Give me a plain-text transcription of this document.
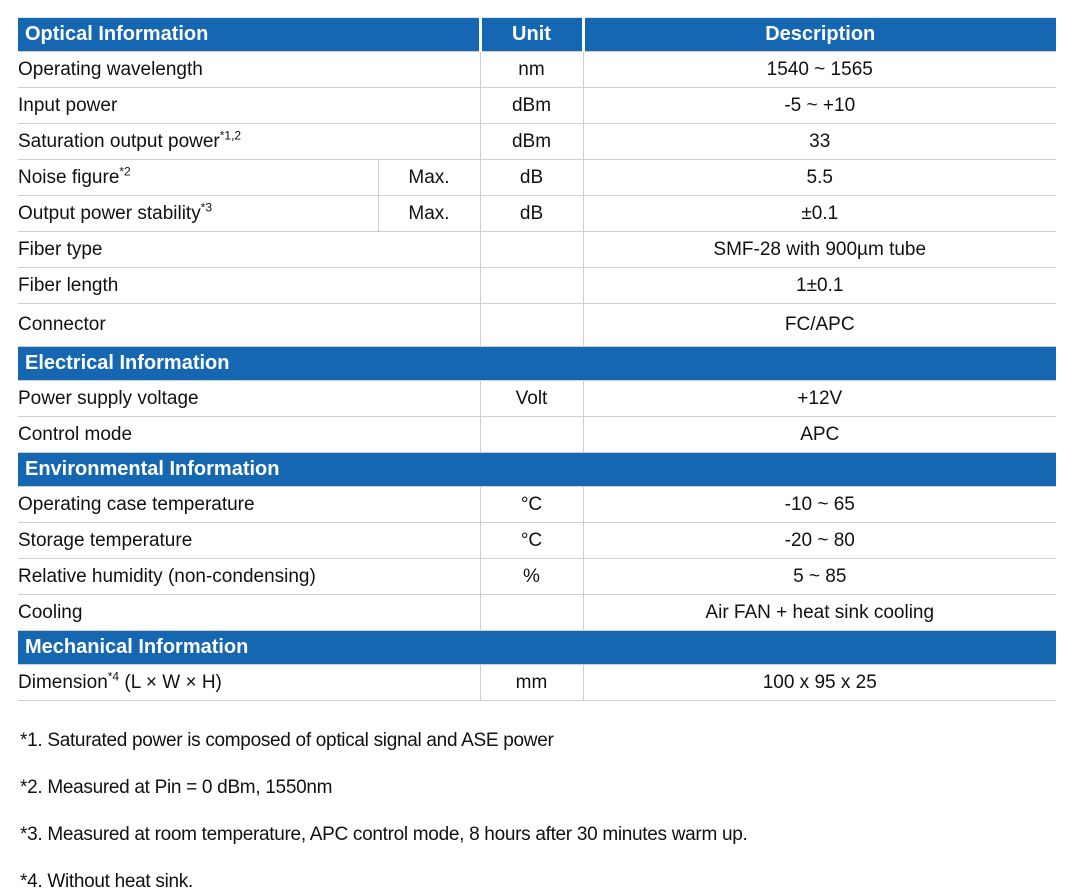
Optical Information		Unit	Description
Operating wavelength		nm	1540 ~ 1565
Input power		dBm	-5 ~ +10
Saturation output power$^{*1,2}$		dBm	33
Noise figure$^{*2}$	Max.	dB	5.5
Output power stability$^{*3}$	Max.	dB	±0.1
Fiber type			SMF-28 with 900µm tube
Fiber length			1±0.1
Connector			FC/APC
Electrical Information			
Power supply voltage		Volt	+12V
Control mode			APC
Environmental Information			
Operating case temperature		°C	-10 ~ 65
Storage temperature		°C	-20 ~ 80
Relative humidity (non-condensing)		%	5 ~ 85
Cooling			Air FAN + heat sink cooling
Mechanical Information			
Dimension$^{*4}$ (L × W × H)		mm	100 x 95 x 25

*1. Saturated power is composed of optical signal and ASE power

*2. Measured at Pin = 0 dBm, 1550nm

*3. Measured at room temperature, APC control mode, 8 hours after 30 minutes warm up.

*4. Without heat sink.
